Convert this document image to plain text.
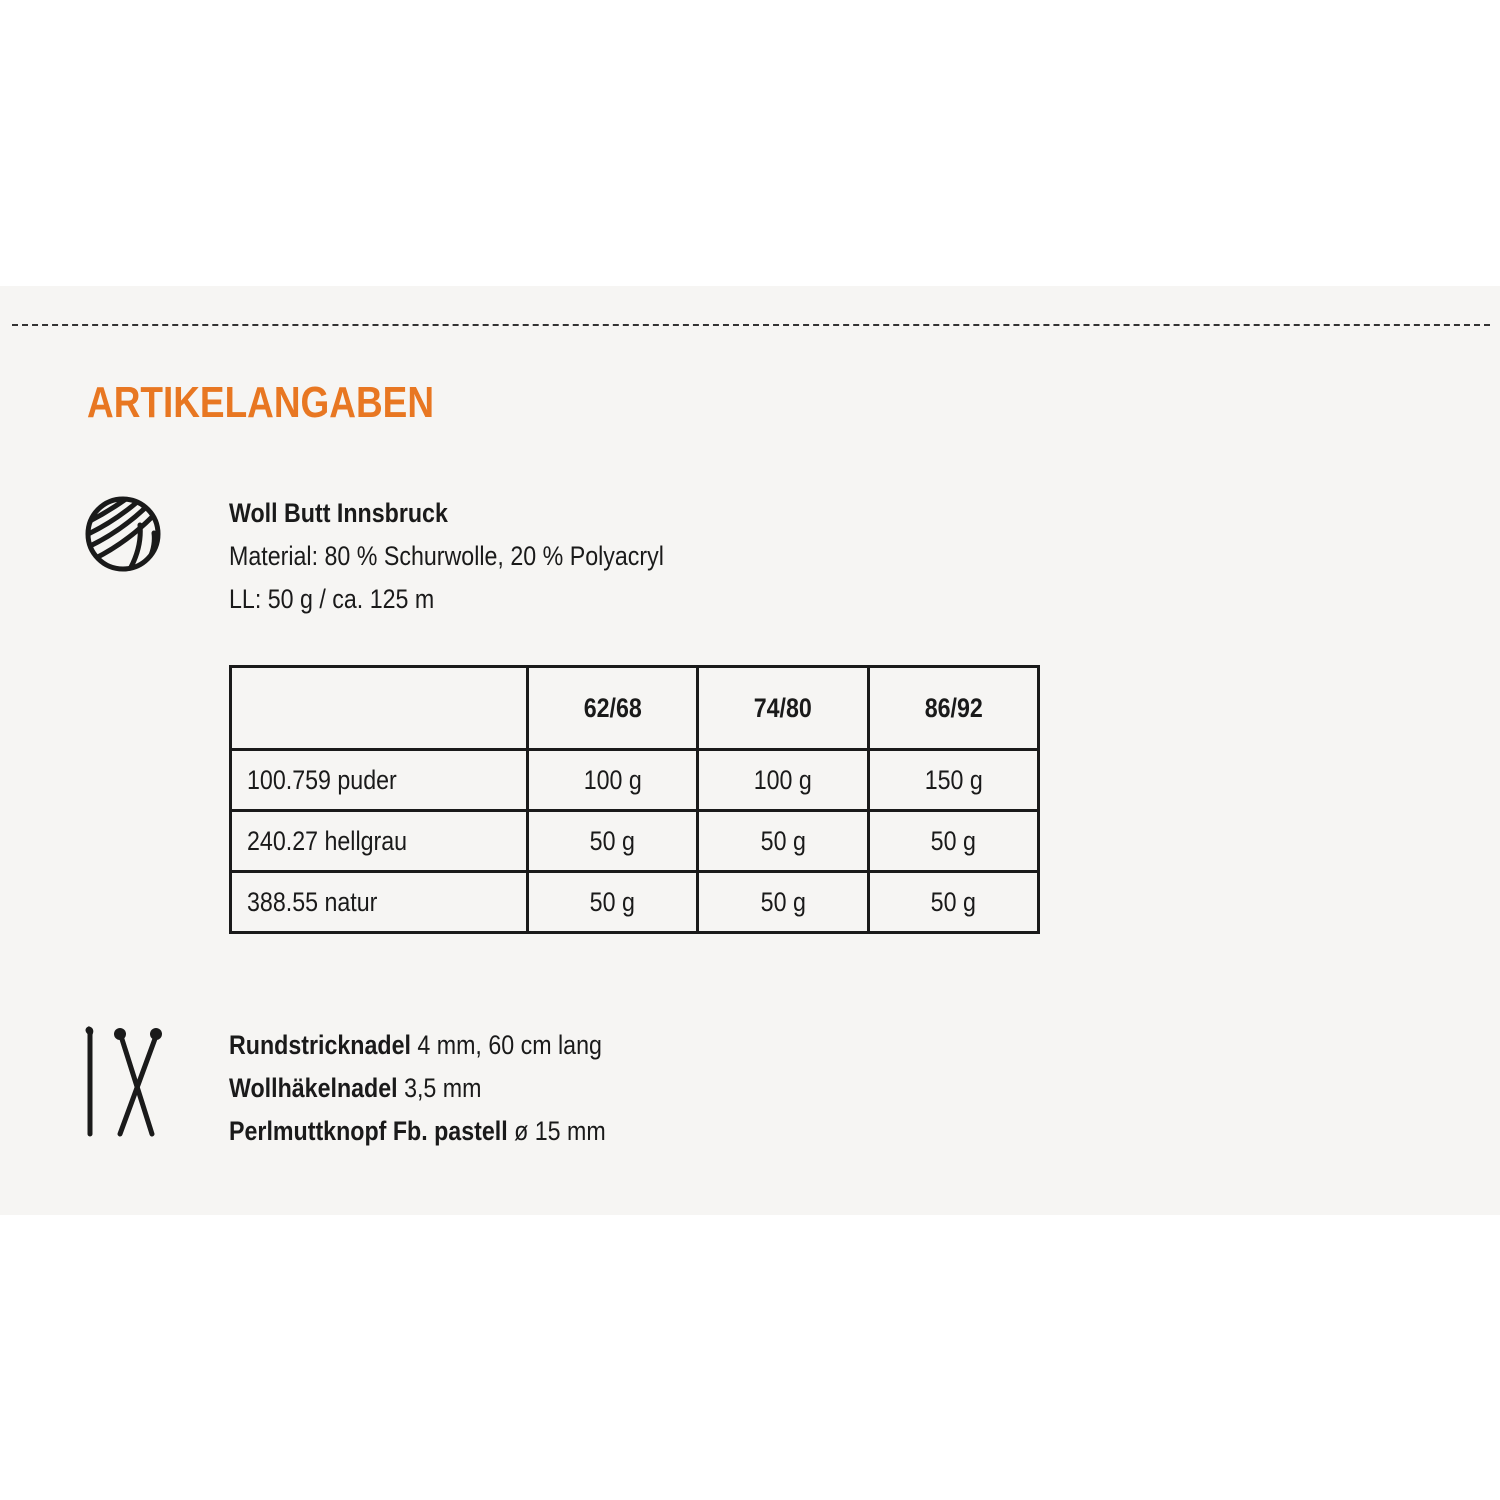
ARTIKELANGABEN
Woll Butt Innsbruck
Material: 80 % Schurwolle, 20 % Polyacryl
LL: 50 g / ca. 125 m
	62/68	74/80	86/92
100.759 puder	100 g	100 g	150 g
240.27 hellgrau	50 g	50 g	50 g
388.55 natur	50 g	50 g	50 g
Rundstricknadel 4 mm, 60 cm lang
Wollhäkelnadel 3,5 mm
Perlmuttknopf Fb. pastell ø 15 mm
